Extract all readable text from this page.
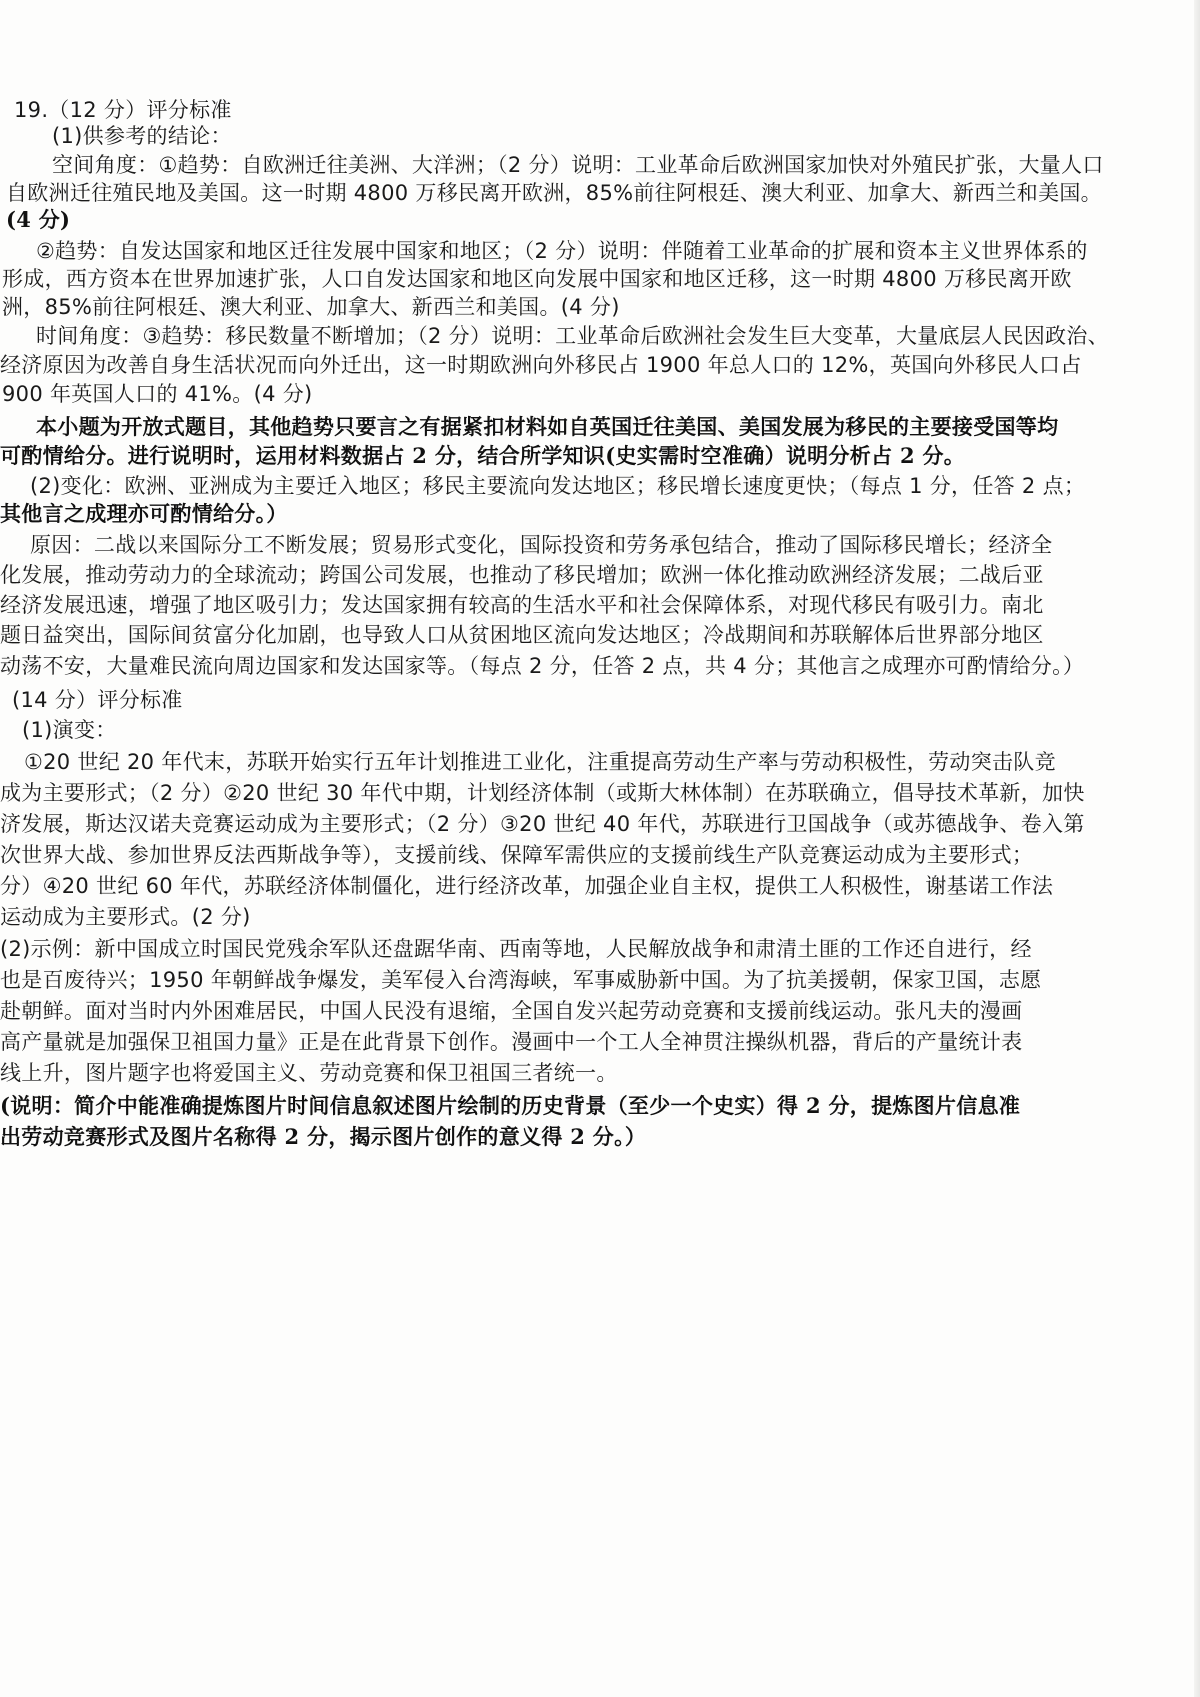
19.（12 分）评分标准
(1)供参考的结论：
空间角度：①趋势：自欧洲迁往美洲、大洋洲；（2 分）说明：工业革命后欧洲国家加快对外殖民扩张，大量人口
自欧洲迁往殖民地及美国。这一时期 4800 万移民离开欧洲，85%前往阿根廷、澳大利亚、加拿大、新西兰和美国。
(4 分)
②趋势：自发达国家和地区迁往发展中国家和地区；（2 分）说明：伴随着工业革命的扩展和资本主义世界体系的
形成，西方资本在世界加速扩张，人口自发达国家和地区向发展中国家和地区迁移，这一时期 4800 万移民离开欧
洲，85%前往阿根廷、澳大利亚、加拿大、新西兰和美国。(4 分)
时间角度：③趋势：移民数量不断增加；（2 分）说明：工业革命后欧洲社会发生巨大变革，大量底层人民因政治、
经济原因为改善自身生活状况而向外迁出，这一时期欧洲向外移民占 1900 年总人口的 12%，英国向外移民人口占
900 年英国人口的 41%。(4 分)
本小题为开放式题目，其他趋势只要言之有据紧扣材料如自英国迁往美国、美国发展为移民的主要接受国等均
可酌情给分。进行说明时，运用材料数据占 2 分，结合所学知识(史实需时空准确）说明分析占 2 分。
(2)变化：欧洲、亚洲成为主要迁入地区；移民主要流向发达地区；移民增长速度更快；（每点 1 分，任答 2 点；
其他言之成理亦可酌情给分。）
原因：二战以来国际分工不断发展；贸易形式变化，国际投资和劳务承包结合，推动了国际移民增长；经济全
化发展，推动劳动力的全球流动；跨国公司发展，也推动了移民增加；欧洲一体化推动欧洲经济发展；二战后亚
经济发展迅速，增强了地区吸引力；发达国家拥有较高的生活水平和社会保障体系，对现代移民有吸引力。南北
题日益突出，国际间贫富分化加剧，也导致人口从贫困地区流向发达地区；冷战期间和苏联解体后世界部分地区
动荡不安，大量难民流向周边国家和发达国家等。（每点 2 分，任答 2 点，共 4 分；其他言之成理亦可酌情给分。）
(14 分）评分标准
(1)演变：
①20 世纪 20 年代末，苏联开始实行五年计划推进工业化，注重提高劳动生产率与劳动积极性，劳动突击队竞
成为主要形式；（2 分）②20 世纪 30 年代中期，计划经济体制（或斯大林体制）在苏联确立，倡导技术革新，加快
济发展，斯达汉诺夫竞赛运动成为主要形式；（2 分）③20 世纪 40 年代，苏联进行卫国战争（或苏德战争、卷入第
次世界大战、参加世界反法西斯战争等），支援前线、保障军需供应的支援前线生产队竞赛运动成为主要形式；
分）④20 世纪 60 年代，苏联经济体制僵化，进行经济改革，加强企业自主权，提供工人积极性，谢基诺工作法
运动成为主要形式。(2 分)
(2)示例：新中国成立时国民党残余军队还盘踞华南、西南等地，人民解放战争和肃清土匪的工作还自进行，经
也是百废待兴；1950 年朝鲜战争爆发，美军侵入台湾海峡，军事威胁新中国。为了抗美援朝，保家卫国，志愿
赴朝鲜。面对当时内外困难居民，中国人民没有退缩，全国自发兴起劳动竞赛和支援前线运动。张凡夫的漫画
高产量就是加强保卫祖国力量》正是在此背景下创作。漫画中一个工人全神贯注操纵机器，背后的产量统计表
线上升，图片题字也将爱国主义、劳动竞赛和保卫祖国三者统一。
(说明：简介中能准确提炼图片时间信息叙述图片绘制的历史背景（至少一个史实）得 2 分，提炼图片信息准
出劳动竞赛形式及图片名称得 2 分，揭示图片创作的意义得 2 分。）
